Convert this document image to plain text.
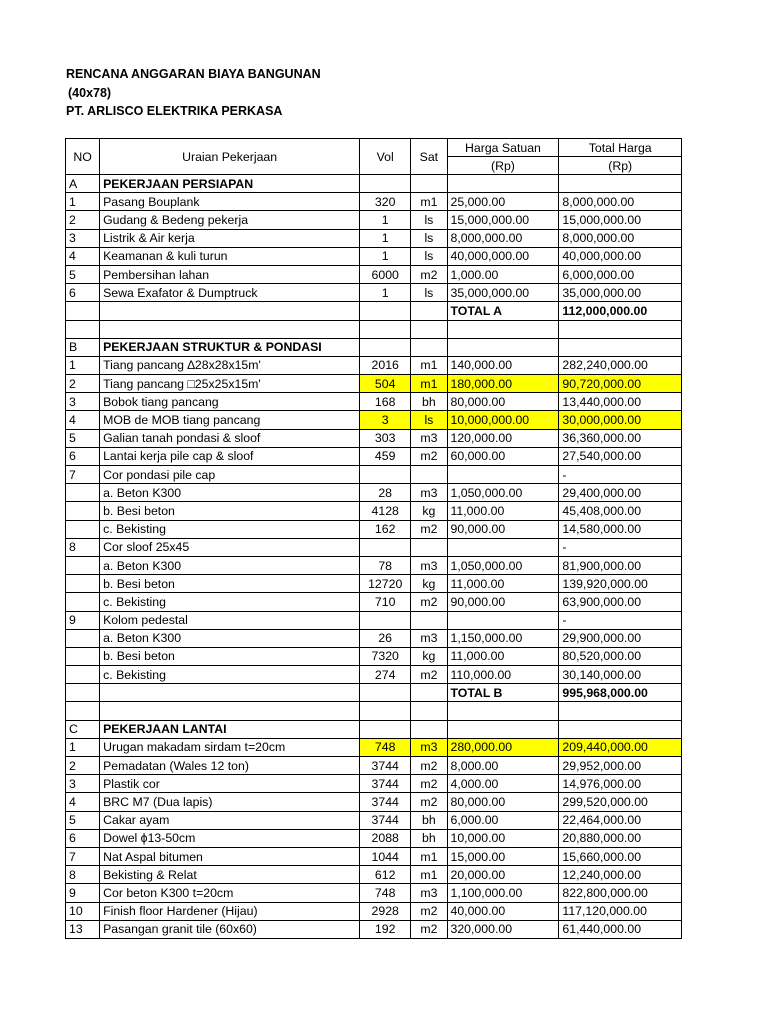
RENCANA ANGGARAN BIAYA BANGUNAN
(40x78)
PT. ARLISCO ELEKTRIKA PERKASA
NO	Uraian Pekerjaan	Vol	Sat	Harga Satuan	Total Harga
				(Rp)	(Rp)
A	PEKERJAAN PERSIAPAN				
1	Pasang Bouplank	320	m1	25,000.00	8,000,000.00
2	Gudang & Bedeng pekerja	1	ls	15,000,000.00	15,000,000.00
3	Listrik & Air kerja	1	ls	8,000,000.00	8,000,000.00
4	Keamanan & kuli turun	1	ls	40,000,000.00	40,000,000.00
5	Pembersihan lahan	6000	m2	1,000.00	6,000,000.00
6	Sewa Exafator & Dumptruck	1	ls	35,000,000.00	35,000,000.00
				TOTAL A	112,000,000.00

B	PEKERJAAN STRUKTUR & PONDASI				
1	Tiang pancang ∆28x28x15m'	2016	m1	140,000.00	282,240,000.00
2	Tiang pancang □25x25x15m'	504	m1	180,000.00	90,720,000.00
3	Bobok tiang pancang	168	bh	80,000.00	13,440,000.00
4	MOB de MOB tiang pancang	3	ls	10,000,000.00	30,000,000.00
5	Galian tanah pondasi & sloof	303	m3	120,000.00	36,360,000.00
6	Lantai kerja pile cap & sloof	459	m2	60,000.00	27,540,000.00
7	Cor pondasi pile cap				-
	a. Beton K300	28	m3	1,050,000.00	29,400,000.00
	b. Besi beton	4128	kg	11,000.00	45,408,000.00
	c. Bekisting	162	m2	90,000.00	14,580,000.00
8	Cor sloof 25x45				-
	a. Beton K300	78	m3	1,050,000.00	81,900,000.00
	b. Besi beton	12720	kg	11,000.00	139,920,000.00
	c. Bekisting	710	m2	90,000.00	63,900,000.00
9	Kolom pedestal				-
	a. Beton K300	26	m3	1,150,000.00	29,900,000.00
	b. Besi beton	7320	kg	11,000.00	80,520,000.00
	c. Bekisting	274	m2	110,000.00	30,140,000.00
				TOTAL B	995,968,000.00

C	PEKERJAAN LANTAI				
1	Urugan makadam sirdam t=20cm	748	m3	280,000.00	209,440,000.00
2	Pemadatan (Wales 12 ton)	3744	m2	8,000.00	29,952,000.00
3	Plastik cor	3744	m2	4,000.00	14,976,000.00
4	BRC M7 (Dua lapis)	3744	m2	80,000.00	299,520,000.00
5	Cakar ayam	3744	bh	6,000.00	22,464,000.00
6	Dowel ϕ13-50cm	2088	bh	10,000.00	20,880,000.00
7	Nat Aspal bitumen	1044	m1	15,000.00	15,660,000.00
8	Bekisting & Relat	612	m1	20,000.00	12,240,000.00
9	Cor beton K300 t=20cm	748	m3	1,100,000.00	822,800,000.00
10	Finish floor Hardener (Hijau)	2928	m2	40,000.00	117,120,000.00
13	Pasangan granit tile (60x60)	192	m2	320,000.00	61,440,000.00
